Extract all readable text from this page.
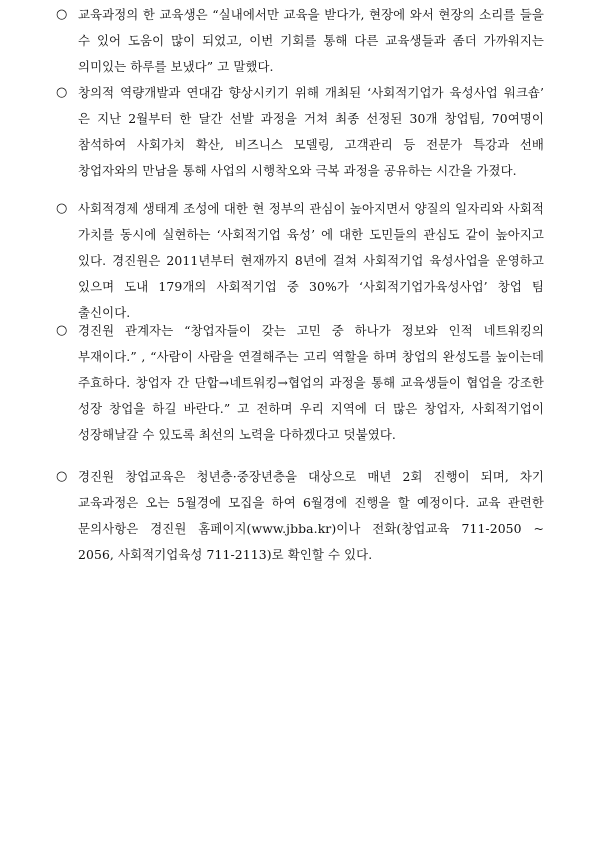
○ 교육과정의 한 교육생은 “실내에서만 교육을 받다가, 현장에 와서 현장의 소리를 들을 수 있어 도움이 많이 되었고, 이번 기회를 통해 다른 교육생들과 좀더 가까워지는 의미있는 하루를 보냈다” 고 말했다.
○ 창의적 역량개발과 연대감 향상시키기 위해 개최된 ‘사회적기업가 육성사업 워크숍’ 은 지난 2월부터 한 달간 선발 과정을 거쳐 최종 선정된 30개 창업팀, 70여명이 참석하여 사회가치 확산, 비즈니스 모델링, 고객관리 등 전문가 특강과 선배 창업자와의 만남을 통해 사업의 시행착오와 극복 과정을 공유하는 시간을 가졌다.
○ 사회적경제 생태계 조성에 대한 현 정부의 관심이 높아지면서 양질의 일자리와 사회적 가치를 동시에 실현하는 ‘사회적기업 육성’ 에 대한 도민들의 관심도 같이 높아지고 있다. 경진원은 2011년부터 현재까지 8년에 걸쳐 사회적기업 육성사업을 운영하고 있으며 도내 179개의 사회적기업 중 30%가 ‘사회적기업가육성사업’ 창업 팀 출신이다.
○ 경진원 관계자는 “창업자들이 갖는 고민 중 하나가 정보와 인적 네트워킹의 부재이다.” , “사람이 사람을 연결해주는 고리 역할을 하며 창업의 완성도를 높이는데 주효하다. 창업자 간 단합→네트워킹→협업의 과정을 통해 교육생들이 협업을 강조한 성장 창업을 하길 바란다.” 고 전하며 우리 지역에 더 많은 창업자, 사회적기업이 성장해날갈 수 있도록 최선의 노력을 다하겠다고 덧붙였다.
○ 경진원 창업교육은 청년층·중장년층을 대상으로 매년 2회 진행이 되며, 차기 교육과정은 오는 5월경에 모집을 하여 6월경에 진행을 할 예정이다. 교육 관련한 문의사항은 경진원 홈페이지(www.jbba.kr)이나 전화(창업교육 711-2050 ~ 2056, 사회적기업육성 711-2113)로 확인할 수 있다.
